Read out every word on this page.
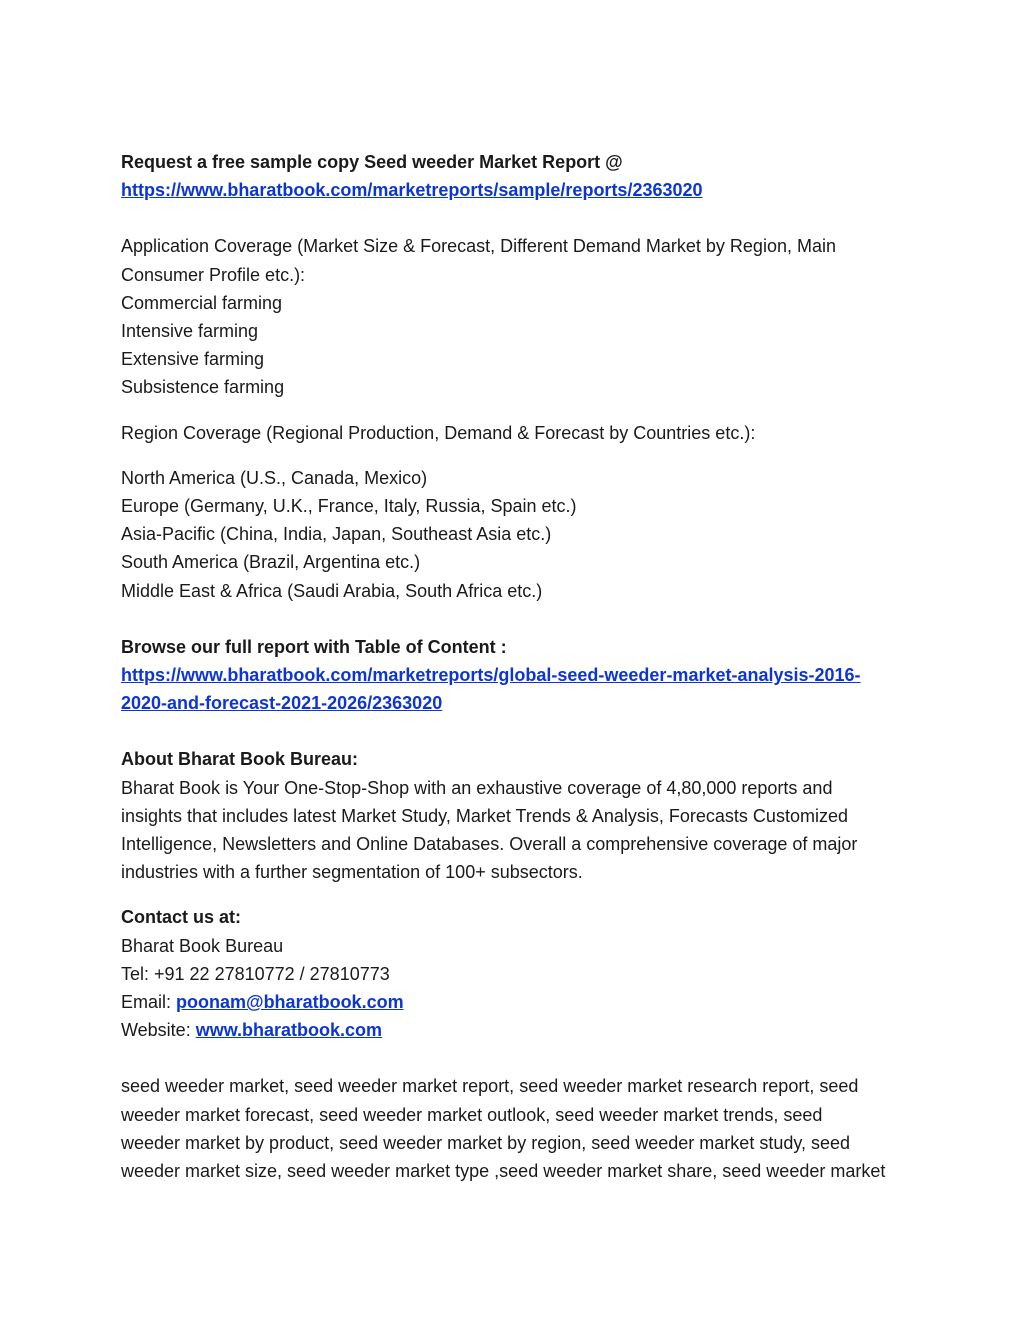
Request a free sample copy Seed weeder Market Report @
https://www.bharatbook.com/marketreports/sample/reports/2363020
Application Coverage (Market Size & Forecast, Different Demand Market by Region, Main
Consumer Profile etc.):
Commercial farming
Intensive farming
Extensive farming
Subsistence farming
Region Coverage (Regional Production, Demand & Forecast by Countries etc.):
North America (U.S., Canada, Mexico)
Europe (Germany, U.K., France, Italy, Russia, Spain etc.)
Asia-Pacific (China, India, Japan, Southeast Asia etc.)
South America (Brazil, Argentina etc.)
Middle East & Africa (Saudi Arabia, South Africa etc.)
Browse our full report with Table of Content :
https://www.bharatbook.com/marketreports/global-seed-weeder-market-analysis-2016-
2020-and-forecast-2021-2026/2363020
About Bharat Book Bureau:
Bharat Book is Your One-Stop-Shop with an exhaustive coverage of 4,80,000 reports and
insights that includes latest Market Study, Market Trends & Analysis, Forecasts Customized
Intelligence, Newsletters and Online Databases. Overall a comprehensive coverage of major
industries with a further segmentation of 100+ subsectors.
Contact us at:
Bharat Book Bureau
Tel: +91 22 27810772 / 27810773
Email: poonam@bharatbook.com
Website: www.bharatbook.com
seed weeder market, seed weeder market report, seed weeder market research report, seed
weeder market forecast, seed weeder market outlook, seed weeder market trends, seed
weeder market by product, seed weeder market by region, seed weeder market study, seed
weeder market size, seed weeder market type ,seed weeder market share, seed weeder market
